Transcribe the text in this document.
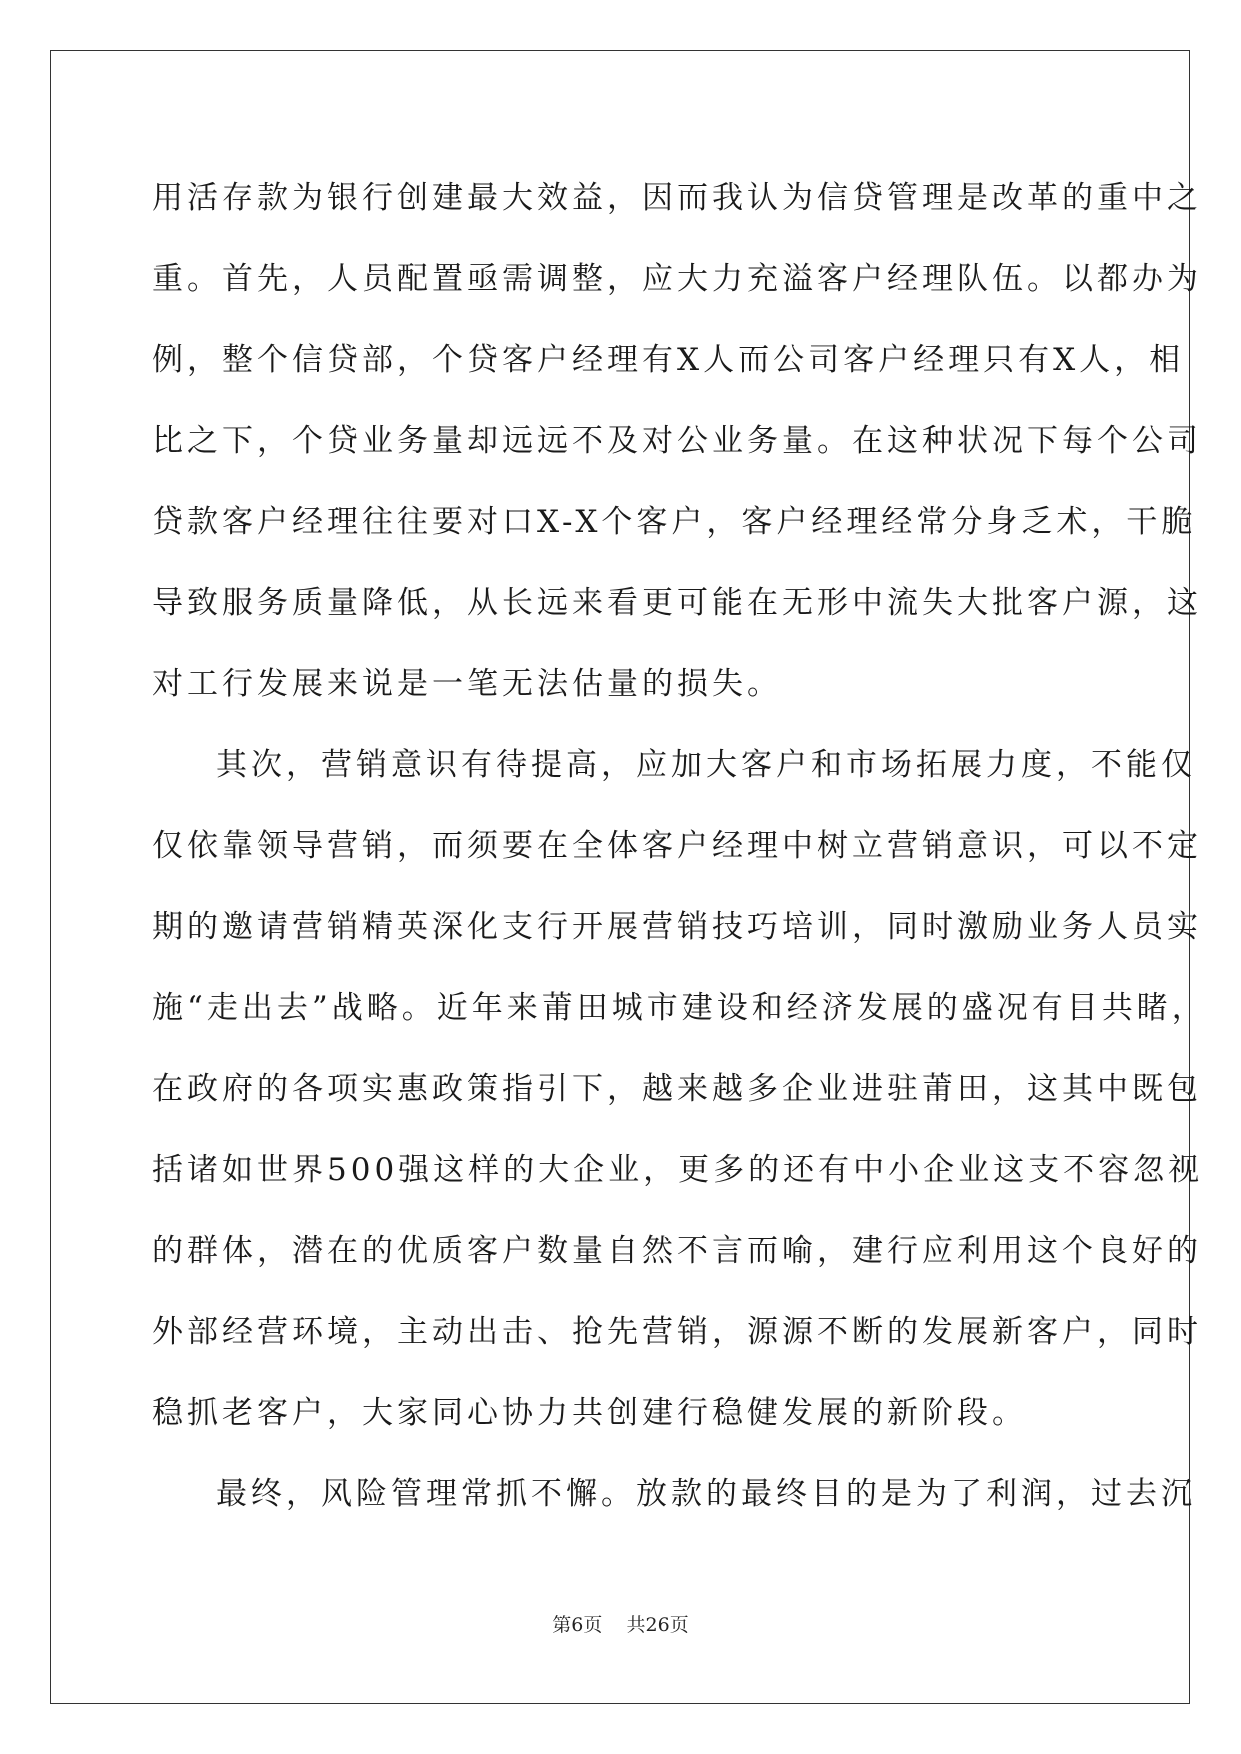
用活存款为银行创建最大效益，因而我认为信贷管理是改革的重中之
重。首先，人员配置亟需调整，应大力充溢客户经理队伍。以都办为
例，整个信贷部，个贷客户经理有X人而公司客户经理只有X人，相
比之下，个贷业务量却远远不及对公业务量。在这种状况下每个公司
贷款客户经理往往要对口X-X个客户，客户经理经常分身乏术，干脆
导致服务质量降低，从长远来看更可能在无形中流失大批客户源，这
对工行发展来说是一笔无法估量的损失。
其次，营销意识有待提高，应加大客户和市场拓展力度，不能仅
仅依靠领导营销，而须要在全体客户经理中树立营销意识，可以不定
期的邀请营销精英深化支行开展营销技巧培训，同时激励业务人员实
施“走出去”战略。近年来莆田城市建设和经济发展的盛况有目共睹，
在政府的各项实惠政策指引下，越来越多企业进驻莆田，这其中既包
括诸如世界500强这样的大企业，更多的还有中小企业这支不容忽视
的群体，潜在的优质客户数量自然不言而喻，建行应利用这个良好的
外部经营环境，主动出击、抢先营销，源源不断的发展新客户，同时
稳抓老客户，大家同心协力共创建行稳健发展的新阶段。
最终，风险管理常抓不懈。放款的最终目的是为了利润，过去沉
第6页 共26页
